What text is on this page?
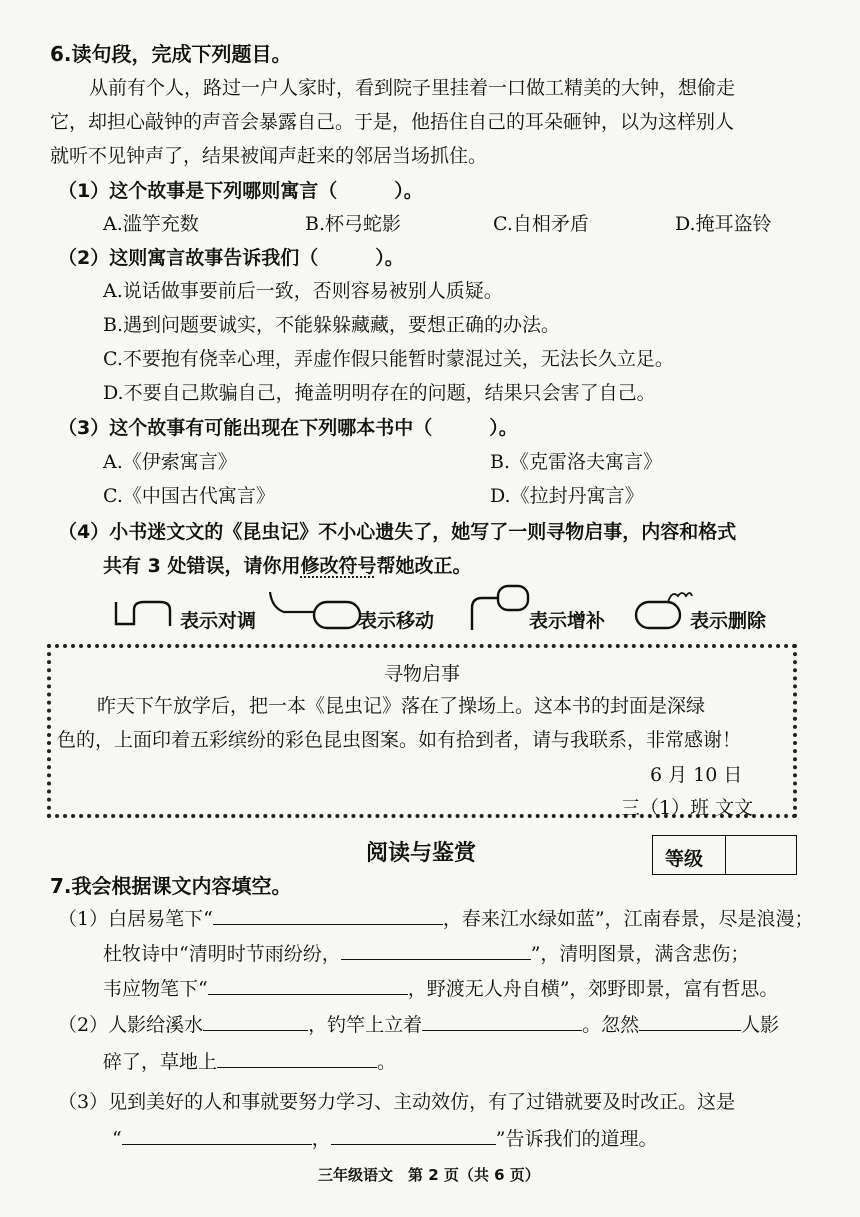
6.读句段，完成下列题目。
从前有个人，路过一户人家时，看到院子里挂着一口做工精美的大钟，想偷走
它，却担心敲钟的声音会暴露自己。于是，他捂住自己的耳朵砸钟，以为这样别人
就听不见钟声了，结果被闻声赶来的邻居当场抓住。
（1）这个故事是下列哪则寓言（　　　）。
A.滥竽充数	B.杯弓蛇影	C.自相矛盾	D.掩耳盗铃
（2）这则寓言故事告诉我们（　　　）。
A.说话做事要前后一致，否则容易被别人质疑。
B.遇到问题要诚实，不能躲躲藏藏，要想正确的办法。
C.不要抱有侥幸心理，弄虚作假只能暂时蒙混过关，无法长久立足。
D.不要自己欺骗自己，掩盖明明存在的问题，结果只会害了自己。
（3）这个故事有可能出现在下列哪本书中（　　　）。
A.《伊索寓言》	B.《克雷洛夫寓言》
C.《中国古代寓言》	D.《拉封丹寓言》
（4）小书迷文文的《昆虫记》不小心遗失了，她写了一则寻物启事，内容和格式
共有 3 处错误，请你用修改符号帮她改正。
表示对调	表示移动	表示增补	表示删除
寻物启事
昨天下午放学后，把一本《昆虫记》落在了操场上。这本书的封面是深绿
色的，上面印着五彩缤纷的彩色昆虫图案。如有拾到者，请与我联系，非常感谢！
6 月 10 日
三（1）班 文文
阅读与鉴赏	等级
7.我会根据课文内容填空。
（1）白居易笔下“	，春来江水绿如蓝”，江南春景，尽是浪漫；
杜牧诗中“清明时节雨纷纷，	”，清明图景，满含悲伤；
韦应物笔下“	，野渡无人舟自横”，郊野即景，富有哲思。
（2）人影给溪水	，钓竿上立着	。忽然	人影
碎了，草地上	。
（3）见到美好的人和事就要努力学习、主动效仿，有了过错就要及时改正。这是
“	，	”告诉我们的道理。
三年级语文　第 2 页（共 6 页）
